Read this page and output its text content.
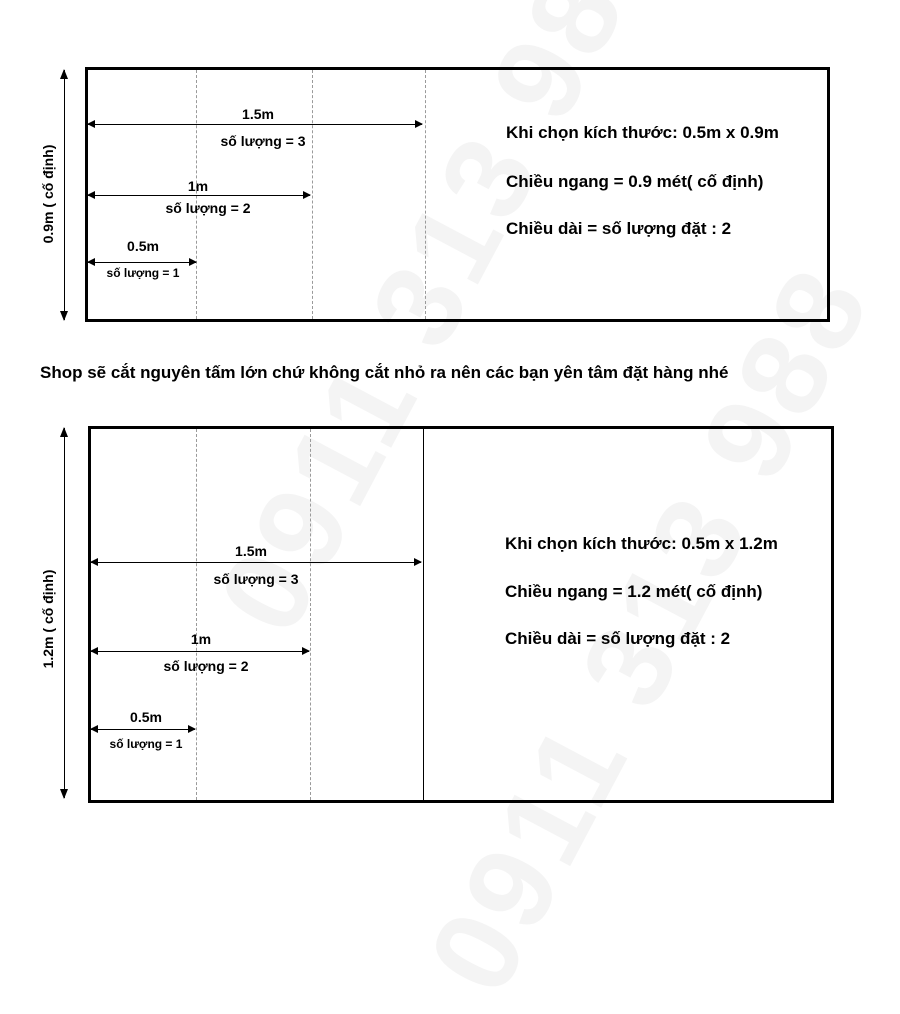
0.9m ( cố định)
1.5m
số lượng = 3
1m
số lượng = 2
0.5m
số lượng = 1
Khi chọn kích thước: 0.5m x 0.9m
Chiều ngang = 0.9 mét( cố định)
Chiều dài = số lượng đặt : 2
Shop sẽ cắt nguyên tấm lớn chứ không cắt nhỏ ra nên các bạn yên tâm đặt hàng nhé
1.2m ( cố định)
1.5m
số lượng = 3
1m
số lượng = 2
0.5m
số lượng = 1
Khi chọn kích thước: 0.5m x 1.2m
Chiều ngang = 1.2 mét( cố định)
Chiều dài = số lượng đặt : 2
